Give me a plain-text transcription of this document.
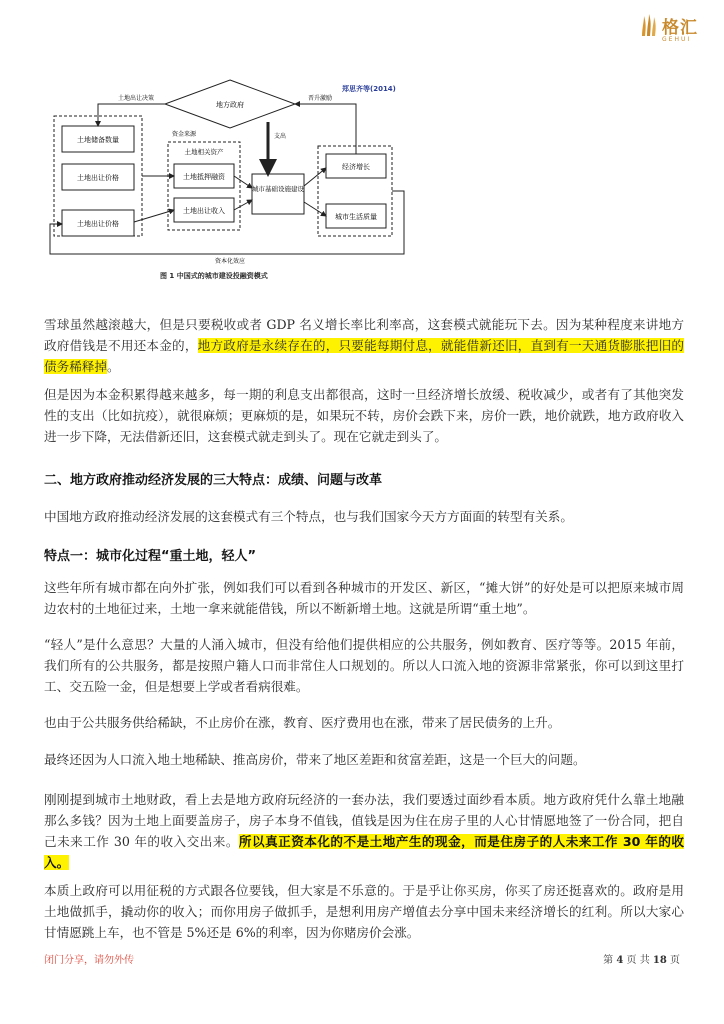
格汇
GEHUI
地方政府
土地储备数量
土地出让价格
土地出让价格
资金来源
土地相关资产
土地抵押融资
土地出让收入
城市基础设施建设
经济增长
城市生活质量
土地出让决策	晋升激励
支出
资本化效应
郑思齐等(2014)
图 1 中国式的城市建设投融资模式
雪球虽然越滚越大，但是只要税收或者 GDP 名义增长率比利率高，这套模式就能玩下去。因为某种程度来讲地方政府借钱是不用还本金的，地方政府是永续存在的，只要能每期付息，就能借新还旧，直到有一天通货膨胀把旧的债务稀释掉。
但是因为本金积累得越来越多，每一期的利息支出都很高，这时一旦经济增长放缓、税收减少，或者有了其他突发性的支出（比如抗疫），就很麻烦；更麻烦的是，如果玩不转，房价会跌下来，房价一跌，地价就跌，地方政府收入进一步下降，无法借新还旧，这套模式就走到头了。现在它就走到头了。
二、地方政府推动经济发展的三大特点：成绩、问题与改革
中国地方政府推动经济发展的这套模式有三个特点，也与我们国家今天方方面面的转型有关系。
特点一：城市化过程“重土地，轻人”
这些年所有城市都在向外扩张，例如我们可以看到各种城市的开发区、新区，“摊大饼”的好处是可以把原来城市周边农村的土地征过来，土地一拿来就能借钱，所以不断新增土地。这就是所谓“重土地”。
“轻人”是什么意思？大量的人涌入城市，但没有给他们提供相应的公共服务，例如教育、医疗等等。2015 年前，我们所有的公共服务，都是按照户籍人口而非常住人口规划的。所以人口流入地的资源非常紧张，你可以到这里打工、交五险一金，但是想要上学或者看病很难。
也由于公共服务供给稀缺，不止房价在涨，教育、医疗费用也在涨，带来了居民债务的上升。
最终还因为人口流入地土地稀缺、推高房价，带来了地区差距和贫富差距，这是一个巨大的问题。
刚刚提到城市土地财政，看上去是地方政府玩经济的一套办法，我们要透过面纱看本质。地方政府凭什么靠土地融那么多钱？因为土地上面要盖房子，房子本身不值钱，值钱是因为住在房子里的人心甘情愿地签了一份合同，把自己未来工作 30 年的收入交出来。所以真正资本化的不是土地产生的现金，而是住房子的人未来工作 30 年的收入。
本质上政府可以用征税的方式跟各位要钱，但大家是不乐意的。于是乎让你买房，你买了房还挺喜欢的。政府是用土地做抓手，撬动你的收入；而你用房子做抓手，是想利用房产增值去分享中国未来经济增长的红利。所以大家心甘情愿跳上车，也不管是 5%还是 6%的利率，因为你赌房价会涨。
闭门分享，请勿外传	第 4 页 共 18 页
